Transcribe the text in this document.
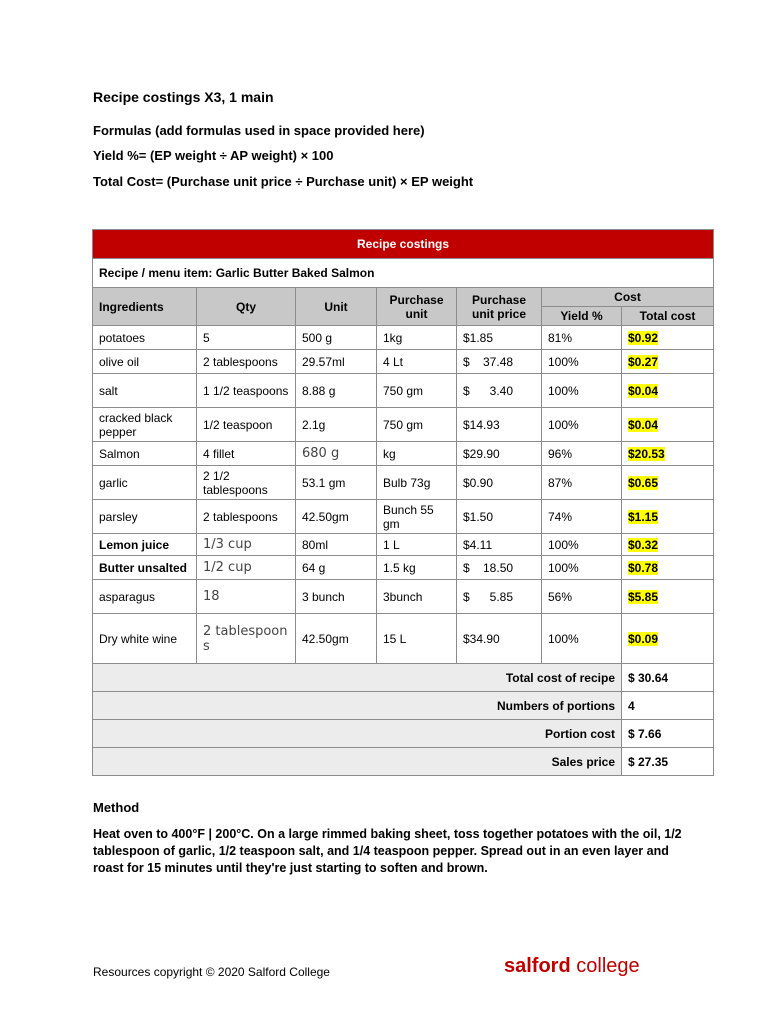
Recipe costings X3, 1 main
Formulas (add formulas used in space provided here)
Yield %= (EP weight ÷ AP weight) × 100
Total Cost= (Purchase unit price ÷ Purchase unit) × EP weight
Recipe costings						
Recipe / menu item: Garlic Butter Baked Salmon						
Ingredients	Qty	Unit	Purchase unit	Purchase unit price	Cost	
					Yield %	Total cost
potatoes	5	500 g	1kg	$1.85	81%	$0.92
olive oil	2 tablespoons	29.57ml	4 Lt	$    37.48	100%	$0.27
salt	1 1/2 teaspoons	8.88 g	750 gm	$      3.40	100%	$0.04
cracked black pepper	1/2 teaspoon	2.1g	750 gm	$14.93	100%	$0.04
Salmon	4 fillet	680 g	kg	$29.90	96%	$20.53
garlic	2 1/2 tablespoons	53.1 gm	Bulb 73g	$0.90	87%	$0.65
parsley	2 tablespoons	42.50gm	Bunch 55 gm	$1.50	74%	$1.15
Lemon juice	1/3 cup	80ml	1 L	$4.11	100%	$0.32
Butter unsalted	1/2 cup	64 g	1.5 kg	$    18.50	100%	$0.78
asparagus	18	3 bunch	3bunch	$      5.85	56%	$5.85
Dry white wine	2 tablespoon s	42.50gm	15 L	$34.90	100%	$0.09
Total cost of recipe						$ 30.64
Numbers of portions						4
Portion cost						$ 7.66
Sales price						$ 27.35
Method
Heat oven to 400°F | 200°C. On a large rimmed baking sheet, toss together potatoes with the oil, 1/2 tablespoon of garlic, 1/2 teaspoon salt, and 1/4 teaspoon pepper. Spread out in an even layer and roast for 15 minutes until they're just starting to soften and brown.
Resources copyright © 2020 Salford College	salford college
